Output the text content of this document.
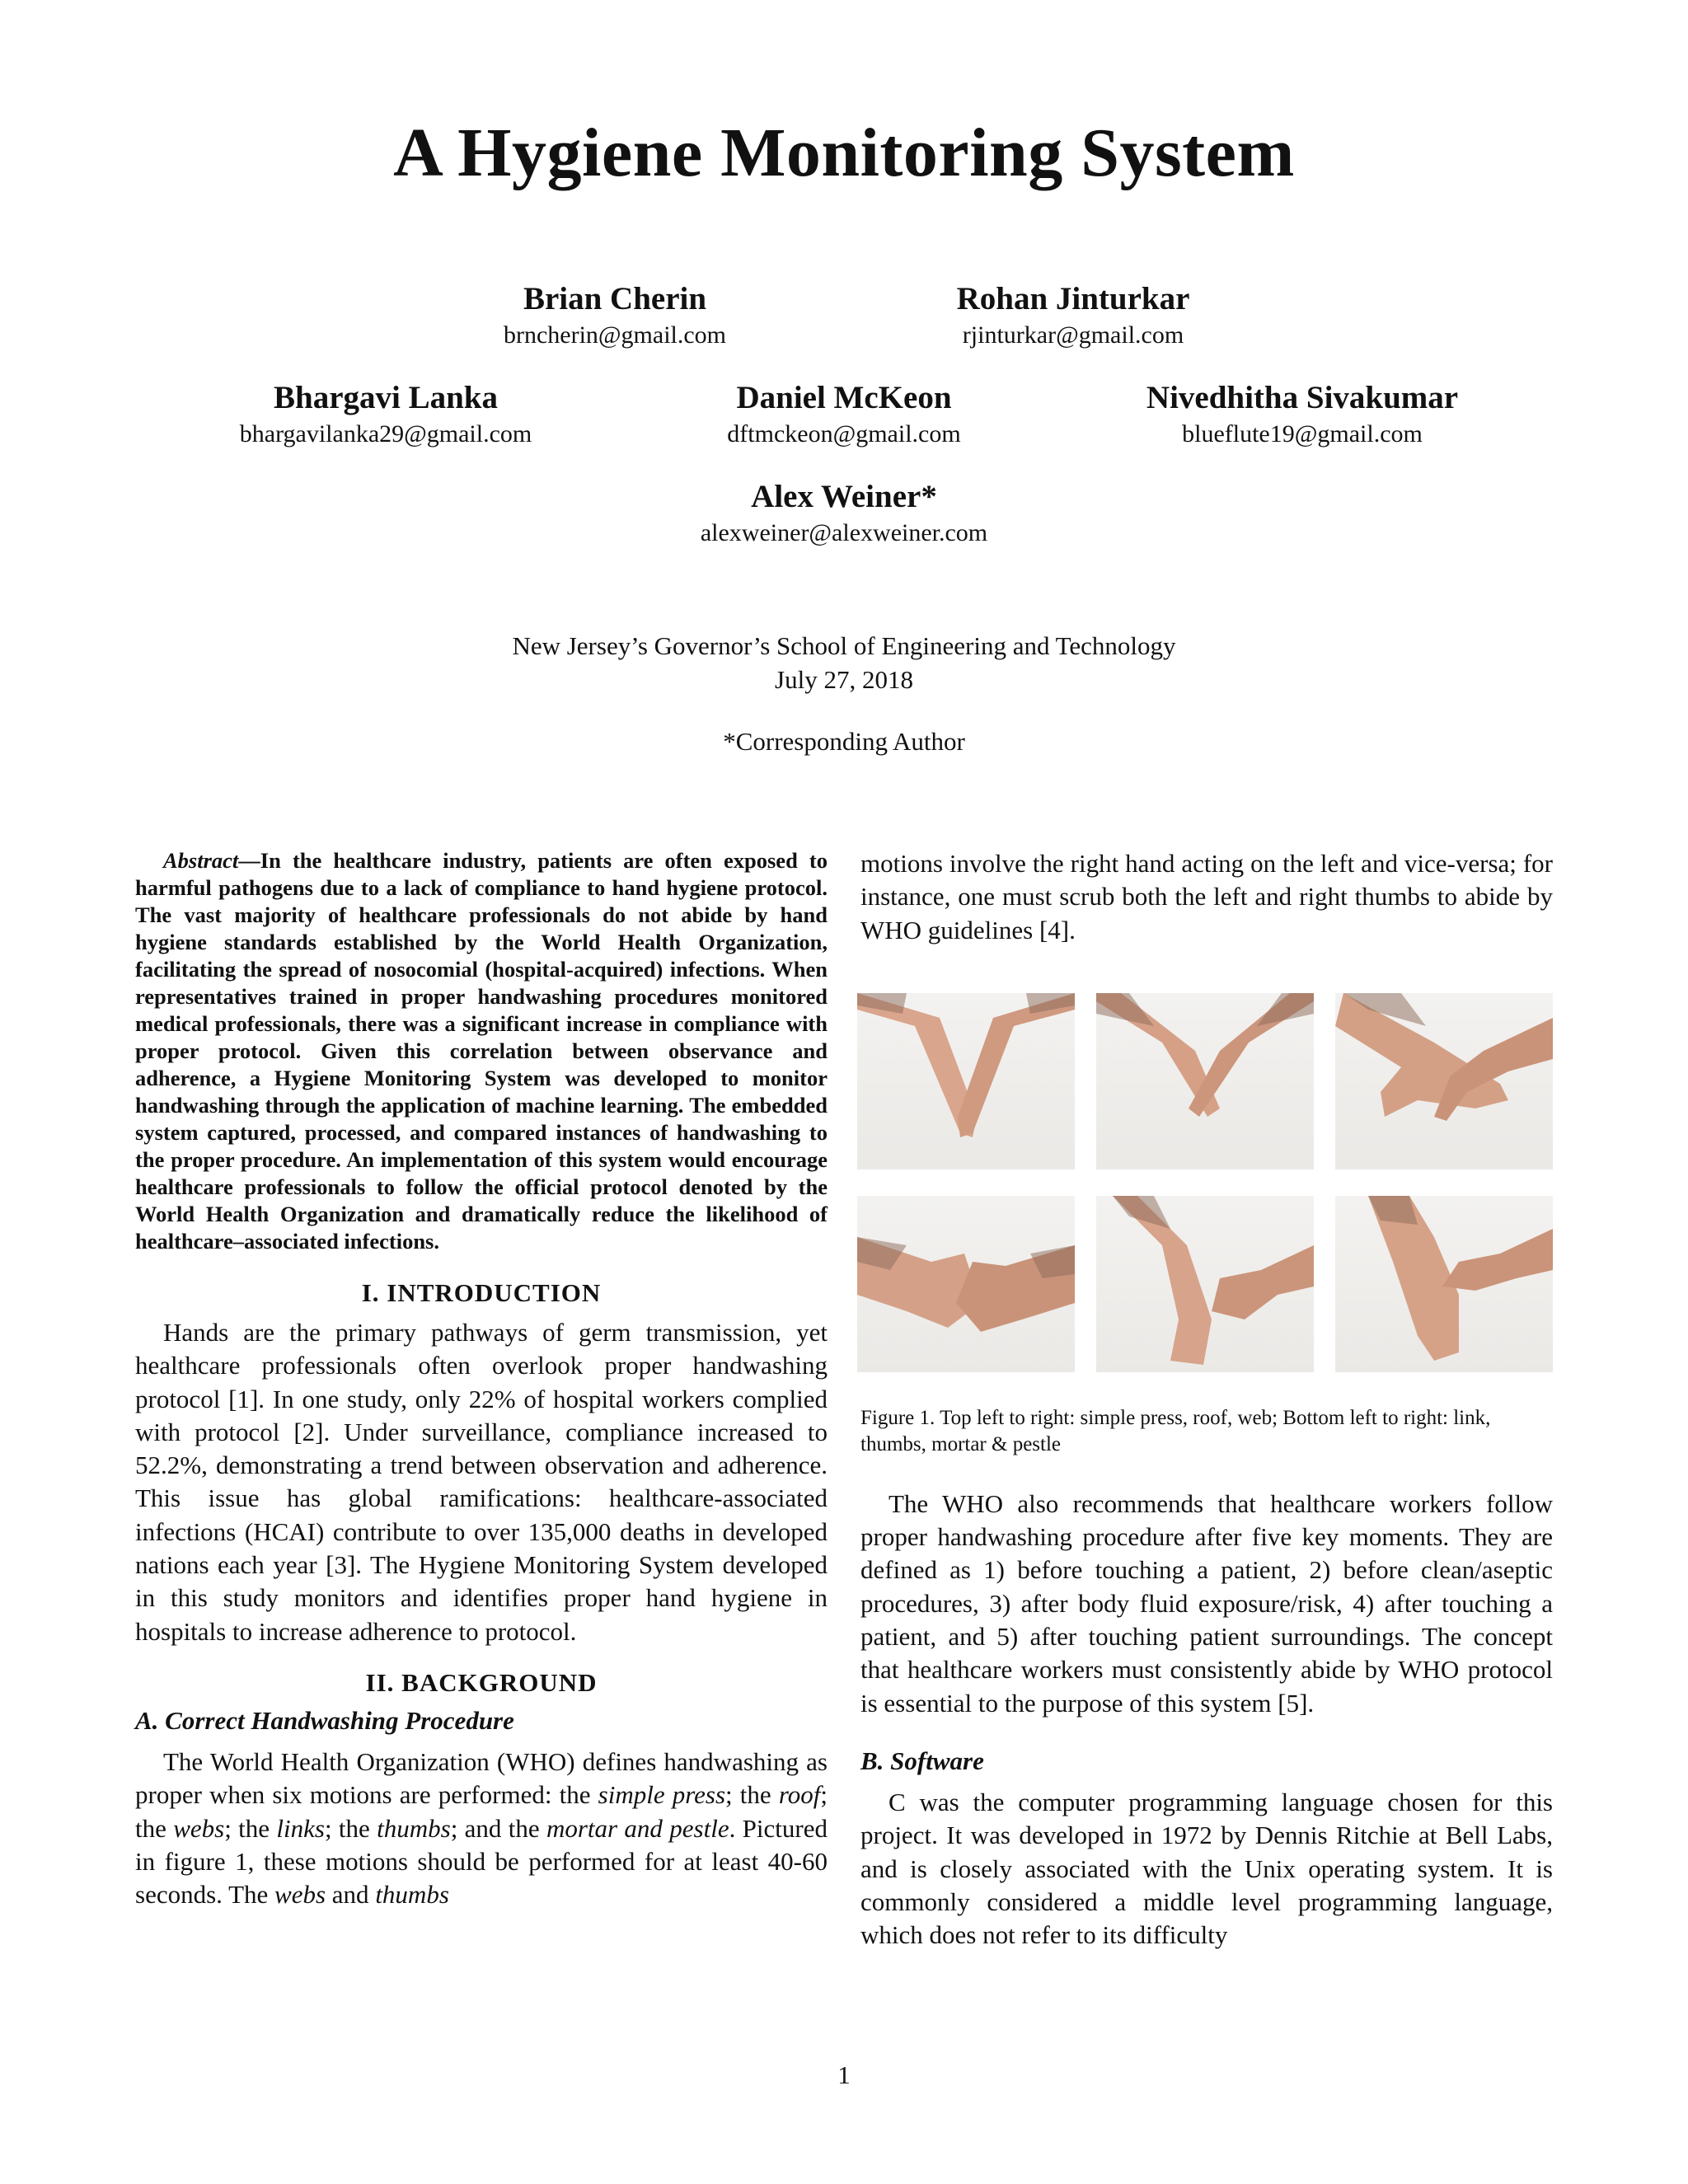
A Hygiene Monitoring System
Brian Cherin
brncherin@gmail.com
Rohan Jinturkar
rjinturkar@gmail.com
Bhargavi Lanka
bhargavilanka29@gmail.com
Daniel McKeon
dftmckeon@gmail.com
Nivedhitha Sivakumar
blueflute19@gmail.com
Alex Weiner*
alexweiner@alexweiner.com
New Jersey’s Governor’s School of Engineering and Technology
July 27, 2018
*Corresponding Author

Abstract—In the healthcare industry, patients are often exposed to harmful pathogens due to a lack of compliance to hand hygiene protocol. The vast majority of healthcare professionals do not abide by hand hygiene standards established by the World Health Organization, facilitating the spread of nosocomial (hospital-acquired) infections. When representatives trained in proper handwashing procedures monitored medical professionals, there was a significant increase in compliance with proper protocol. Given this correlation between observance and adherence, a Hygiene Monitoring System was developed to monitor handwashing through the application of machine learning. The embedded system captured, processed, and compared instances of handwashing to the proper procedure. An implementation of this system would encourage healthcare professionals to follow the official protocol denoted by the World Health Organization and dramatically reduce the likelihood of healthcare–associated infections.

I. INTRODUCTION

Hands are the primary pathways of germ transmission, yet healthcare professionals often overlook proper handwashing protocol [1]. In one study, only 22% of hospital workers complied with protocol [2]. Under surveillance, compliance increased to 52.2%, demonstrating a trend between observation and adherence. This issue has global ramifications: healthcare-associated infections (HCAI) contribute to over 135,000 deaths in developed nations each year [3]. The Hygiene Monitoring System developed in this study monitors and identifies proper hand hygiene in hospitals to increase adherence to protocol.

II. BACKGROUND
A. Correct Handwashing Procedure

The World Health Organization (WHO) defines handwashing as proper when six motions are performed: the simple press; the roof; the webs; the links; the thumbs; and the mortar and pestle. Pictured in figure 1, these motions should be performed for at least 40-60 seconds. The webs and thumbs

motions involve the right hand acting on the left and vice-versa; for instance, one must scrub both the left and right thumbs to abide by WHO guidelines [4].

Figure 1. Top left to right: simple press, roof, web; Bottom left to right: link, thumbs, mortar & pestle

The WHO also recommends that healthcare workers follow proper handwashing procedure after five key moments. They are defined as 1) before touching a patient, 2) before clean/aseptic procedures, 3) after body fluid exposure/risk, 4) after touching a patient, and 5) after touching patient surroundings. The concept that healthcare workers must consistently abide by WHO protocol is essential to the purpose of this system [5].

B. Software

C was the computer programming language chosen for this project. It was developed in 1972 by Dennis Ritchie at Bell Labs, and is closely associated with the Unix operating system. It is commonly considered a middle level programming language, which does not refer to its difficulty

1
